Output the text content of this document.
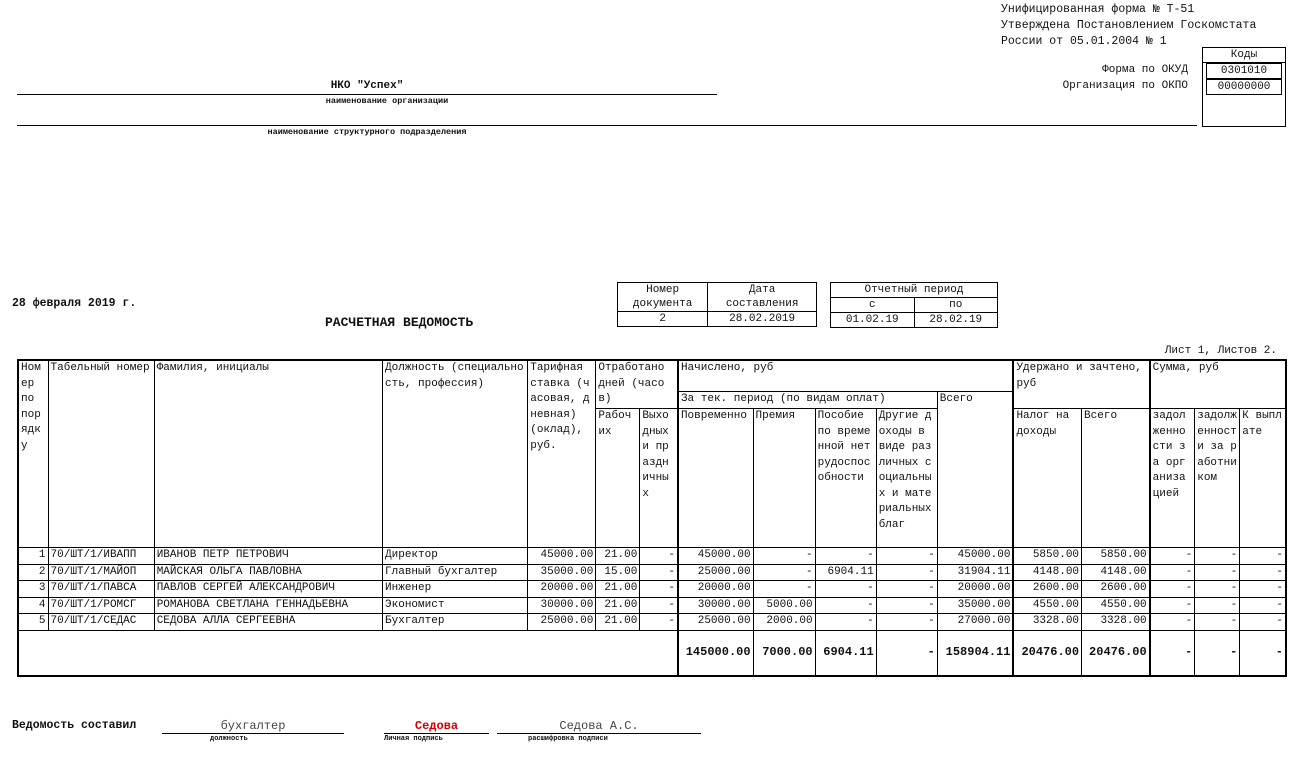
Унифицированная форма № Т-51
Утверждена Постановлением Госкомстата
России от 05.01.2004 № 1
Коды
0301010
00000000
Форма по ОКУД
Организация по ОКПО
НКО "Успех"
наименование организации
наименование структурного подразделения
28 февраля 2019 г.
РАСЧЕТНАЯ ВЕДОМОСТЬ
Номер	Дата
документа	составления
2	28.02.2019
Отчетный период	
с	по
01.02.19	28.02.19
Лист 1, Листов 2.
Номер по порядку	Табельный номер	Фамилия, инициалы	Должность (специальность, профессия)	Тарифная ставка (часовая, дневная) (оклад), руб.	Отработано дней (часов)		Начислено, руб					Удержано и зачтено, руб		Сумма, руб		
							За тек. период (по видам оплат)				Всего					
					Рабочих	Выходных и праздничных	Повременно	Премия	Пособие по временной нетрудоспособности	Другие доходы в виде различных социальных и материальных благ		Налог на доходы	Всего	задолженности за организацией	задолженности за работником	К выплате
1	70/ШТ/1/ИВАПП	ИВАНОВ ПЕТР ПЕТРОВИЧ	Директор	45000.00	21.00	-	45000.00	-	-	-	45000.00	5850.00	5850.00	-	-	-
2	70/ШТ/1/МАЙОП	МАЙСКАЯ ОЛЬГА ПАВЛОВНА	Главный бухгалтер	35000.00	15.00	-	25000.00	-	6904.11	-	31904.11	4148.00	4148.00	-	-	-
3	70/ШТ/1/ПАВСА	ПАВЛОВ СЕРГЕЙ АЛЕКСАНДРОВИЧ	Инженер	20000.00	21.00	-	20000.00	-	-	-	20000.00	2600.00	2600.00	-	-	-
4	70/ШТ/1/РОМСГ	РОМАНОВА СВЕТЛАНА ГЕННАДЬЕВНА	Экономист	30000.00	21.00	-	30000.00	5000.00	-	-	35000.00	4550.00	4550.00	-	-	-
5	70/ШТ/1/СЕДАС	СЕДОВА АЛЛА СЕРГЕЕВНА	Бухгалтер	25000.00	21.00	-	25000.00	2000.00	-	-	27000.00	3328.00	3328.00	-	-	-
							145000.00	7000.00	6904.11	-	158904.11	20476.00	20476.00	-	-	-
Ведомость составил	бухгалтер
должность
Седова
Личная подпись
Седова А.С.
расшифровка подписи
